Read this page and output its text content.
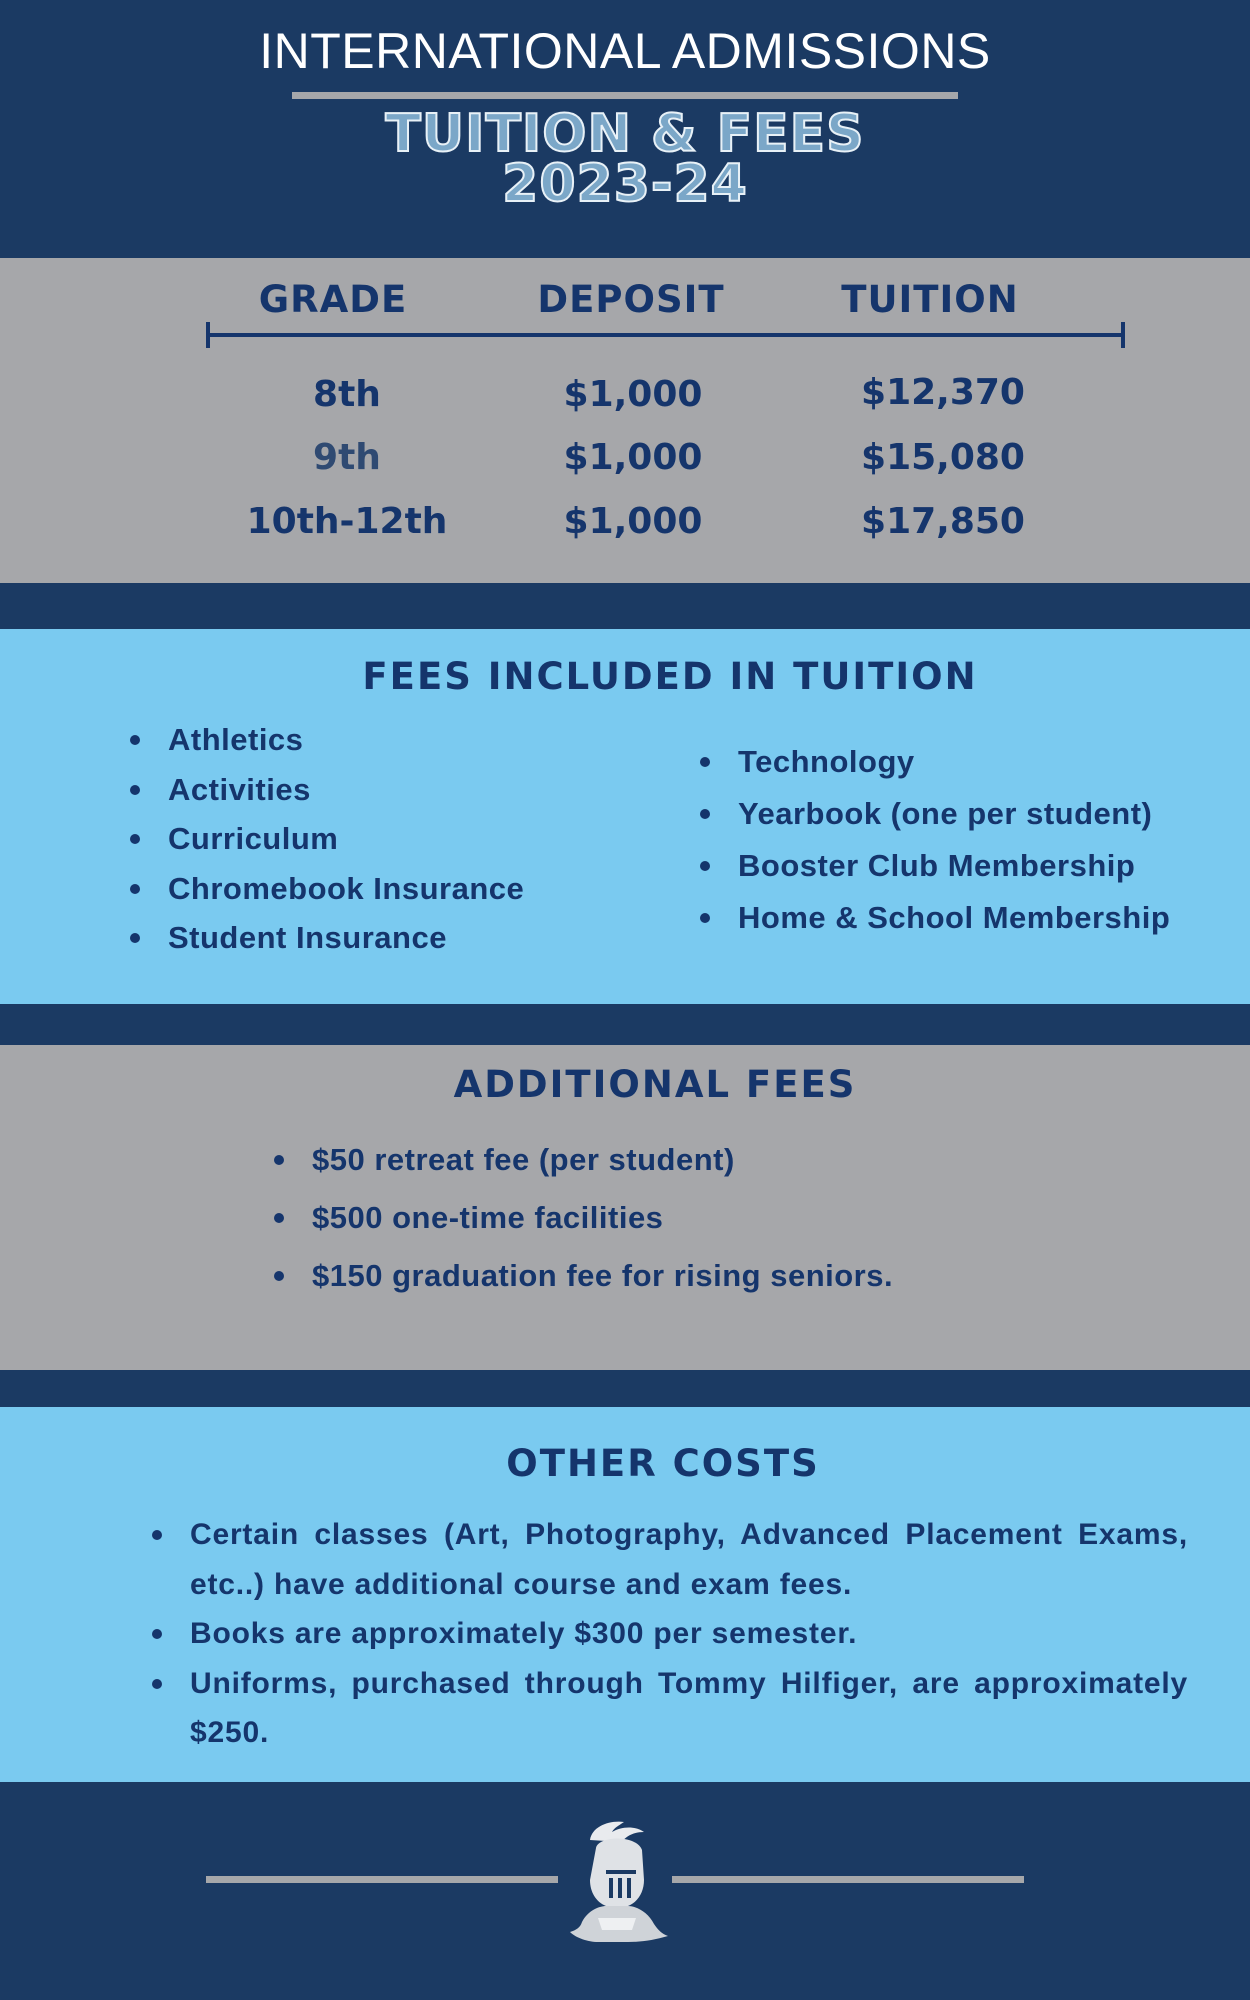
INTERNATIONAL ADMISSIONS
TUITION & FEES
2023-24
GRADE	DEPOSIT	TUITION
8th	$1,000	$12,370
9th	$1,000	$15,080
10th-12th	$1,000	$17,850
FEES INCLUDED IN TUITION
Athletics
Activities
Curriculum
Chromebook Insurance
Student Insurance
Technology
Yearbook (one per student)
Booster Club Membership
Home & School Membership
ADDITIONAL FEES
$50 retreat fee (per student)
$500 one-time facilities
$150 graduation fee for rising seniors.
OTHER COSTS
Certain classes (Art, Photography, Advanced Placement Exams, etc..) have additional course and exam fees.
Books are approximately $300 per semester.
Uniforms, purchased through Tommy Hilfiger, are approximately $250.
